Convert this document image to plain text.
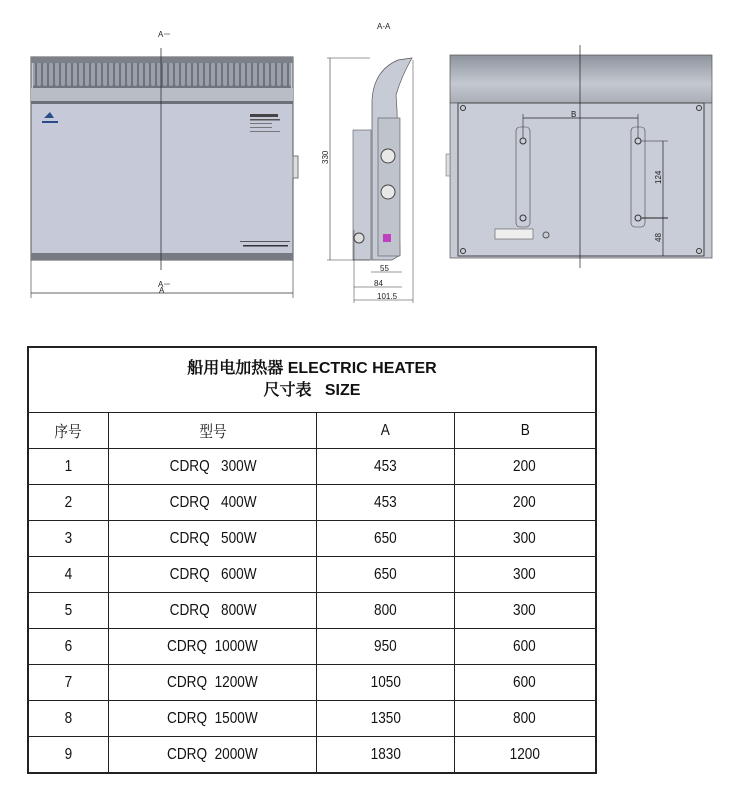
A
A
A
A-A
330
55
84
101.5
B
124
48
船用电加热器 ELECTRIC HEATER
尺寸表   SIZE			
序号	型号	A	B
1	CDRQ   300W	453	200
2	CDRQ   400W	453	200
3	CDRQ   500W	650	300
4	CDRQ   600W	650	300
5	CDRQ   800W	800	300
6	CDRQ  1000W	950	600
7	CDRQ  1200W	1050	600
8	CDRQ  1500W	1350	800
9	CDRQ  2000W	1830	1200
